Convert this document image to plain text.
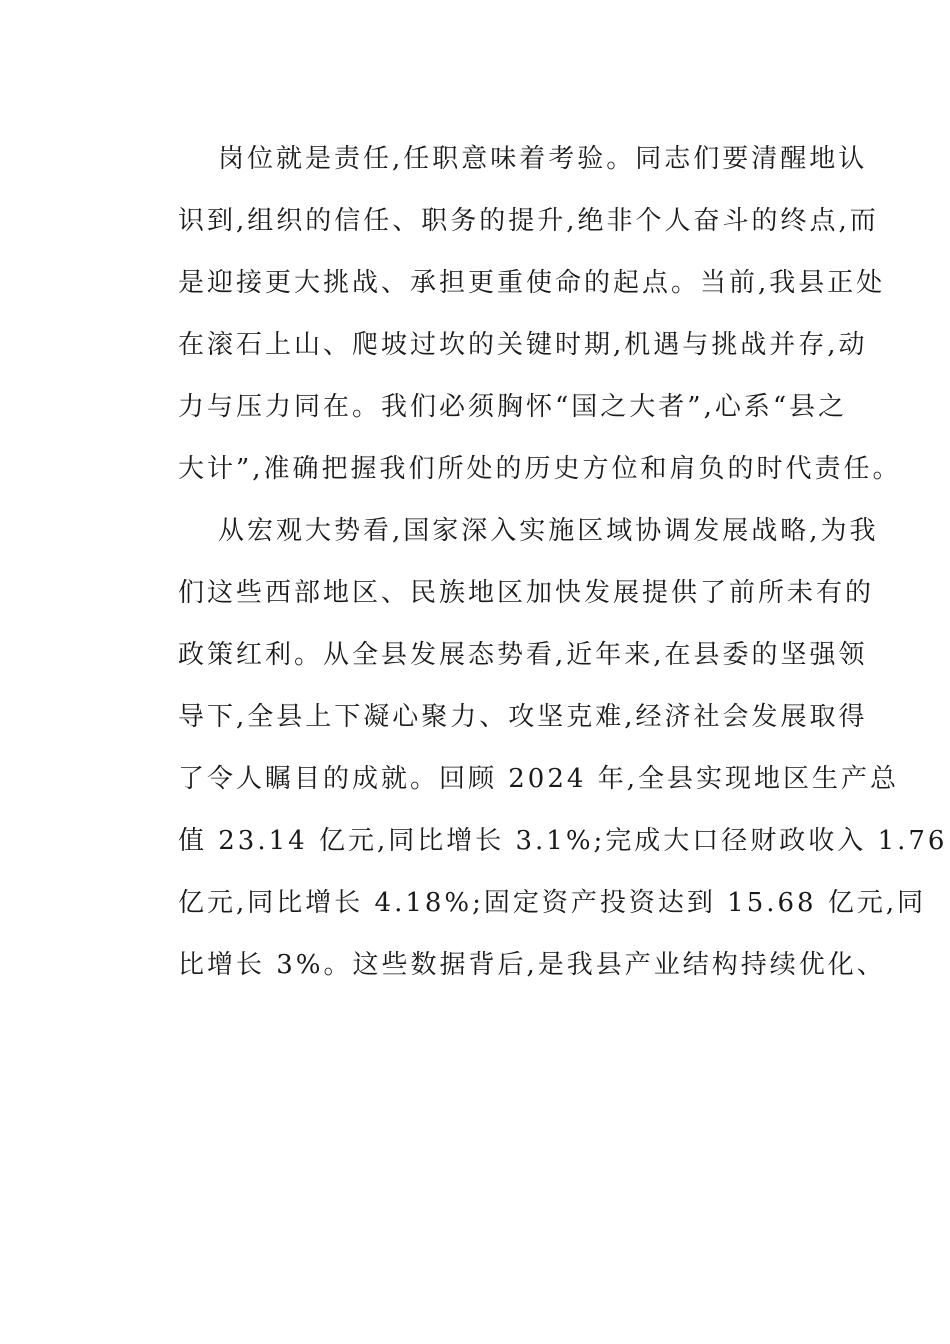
岗位就是责任,任职意味着考验。同志们要清醒地认
识到,组织的信任、职务的提升,绝非个人奋斗的终点,而
是迎接更大挑战、承担更重使命的起点。当前,我县正处
在滚石上山、爬坡过坎的关键时期,机遇与挑战并存,动
力与压力同在。我们必须胸怀“国之大者”,心系“县之
大计”,准确把握我们所处的历史方位和肩负的时代责任。
从宏观大势看,国家深入实施区域协调发展战略,为我
们这些西部地区、民族地区加快发展提供了前所未有的
政策红利。从全县发展态势看,近年来,在县委的坚强领
导下,全县上下凝心聚力、攻坚克难,经济社会发展取得
了令人瞩目的成就。回顾 2024 年,全县实现地区生产总
值 23.14 亿元,同比增长 3.1%;完成大口径财政收入 1.76
亿元,同比增长 4.18%;固定资产投资达到 15.68 亿元,同
比增长 3%。这些数据背后,是我县产业结构持续优化、
